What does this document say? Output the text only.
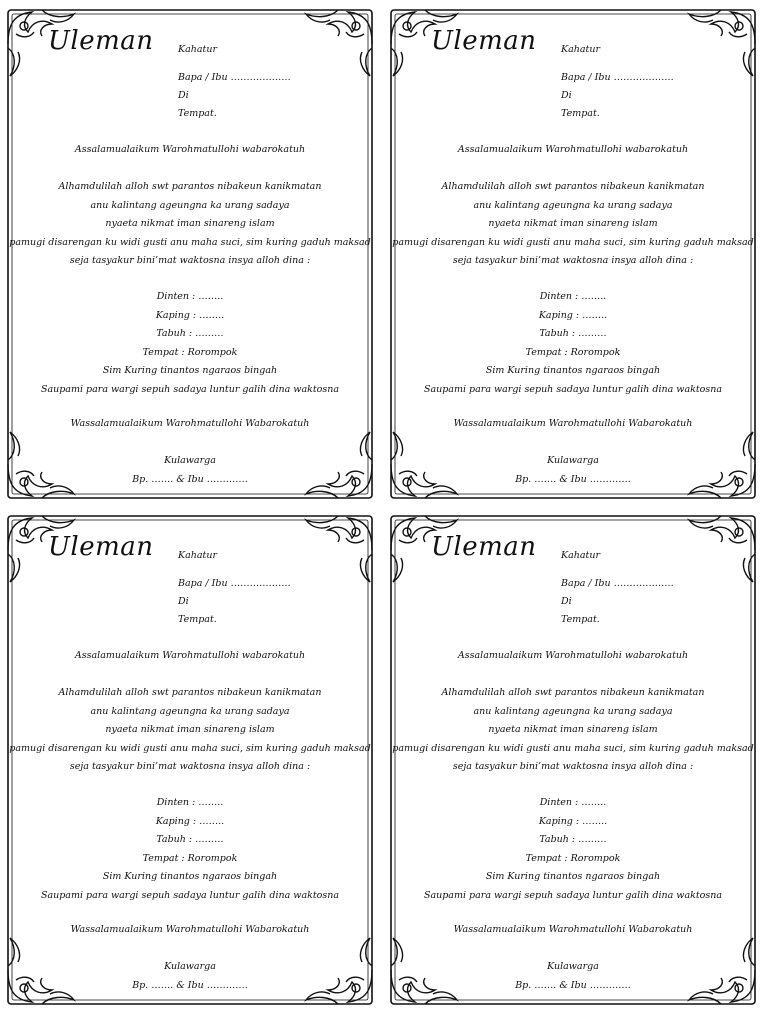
Uleman	Kahatur
Bapa / Ibu ……………….
Di
Tempat.
Assalamualaikum Warohmatullohi wabarokatuh
Alhamdulilah alloh swt parantos nibakeun kanikmatan
anu kalintang ageungna ka urang sadaya
nyaeta nikmat iman sinareng islam
pamugi disarengan ku widi gusti anu maha suci, sim kuring gaduh maksad
seja tasyakur bini’mat waktosna insya alloh dina :
Dinten : ……..
Kaping : ……..
Tabuh : ………
Tempat : Rorompok
Sim Kuring tinantos ngaraos bingah
Saupami para wargi sepuh sadaya luntur galih dina waktosna
Wassalamualaikum Warohmatullohi Wabarokatuh
Kulawarga
Bp. ……. & Ibu ………….
Uleman	Kahatur
Bapa / Ibu ……………….
Di
Tempat.
Assalamualaikum Warohmatullohi wabarokatuh
Alhamdulilah alloh swt parantos nibakeun kanikmatan
anu kalintang ageungna ka urang sadaya
nyaeta nikmat iman sinareng islam
pamugi disarengan ku widi gusti anu maha suci, sim kuring gaduh maksad
seja tasyakur bini’mat waktosna insya alloh dina :
Dinten : ……..
Kaping : ……..
Tabuh : ………
Tempat : Rorompok
Sim Kuring tinantos ngaraos bingah
Saupami para wargi sepuh sadaya luntur galih dina waktosna
Wassalamualaikum Warohmatullohi Wabarokatuh
Kulawarga
Bp. ……. & Ibu ………….
Uleman	Kahatur
Bapa / Ibu ……………….
Di
Tempat.
Assalamualaikum Warohmatullohi wabarokatuh
Alhamdulilah alloh swt parantos nibakeun kanikmatan
anu kalintang ageungna ka urang sadaya
nyaeta nikmat iman sinareng islam
pamugi disarengan ku widi gusti anu maha suci, sim kuring gaduh maksad
seja tasyakur bini’mat waktosna insya alloh dina :
Dinten : ……..
Kaping : ……..
Tabuh : ………
Tempat : Rorompok
Sim Kuring tinantos ngaraos bingah
Saupami para wargi sepuh sadaya luntur galih dina waktosna
Wassalamualaikum Warohmatullohi Wabarokatuh
Kulawarga
Bp. ……. & Ibu ………….
Uleman	Kahatur
Bapa / Ibu ……………….
Di
Tempat.
Assalamualaikum Warohmatullohi wabarokatuh
Alhamdulilah alloh swt parantos nibakeun kanikmatan
anu kalintang ageungna ka urang sadaya
nyaeta nikmat iman sinareng islam
pamugi disarengan ku widi gusti anu maha suci, sim kuring gaduh maksad
seja tasyakur bini’mat waktosna insya alloh dina :
Dinten : ……..
Kaping : ……..
Tabuh : ………
Tempat : Rorompok
Sim Kuring tinantos ngaraos bingah
Saupami para wargi sepuh sadaya luntur galih dina waktosna
Wassalamualaikum Warohmatullohi Wabarokatuh
Kulawarga
Bp. ……. & Ibu ………….
